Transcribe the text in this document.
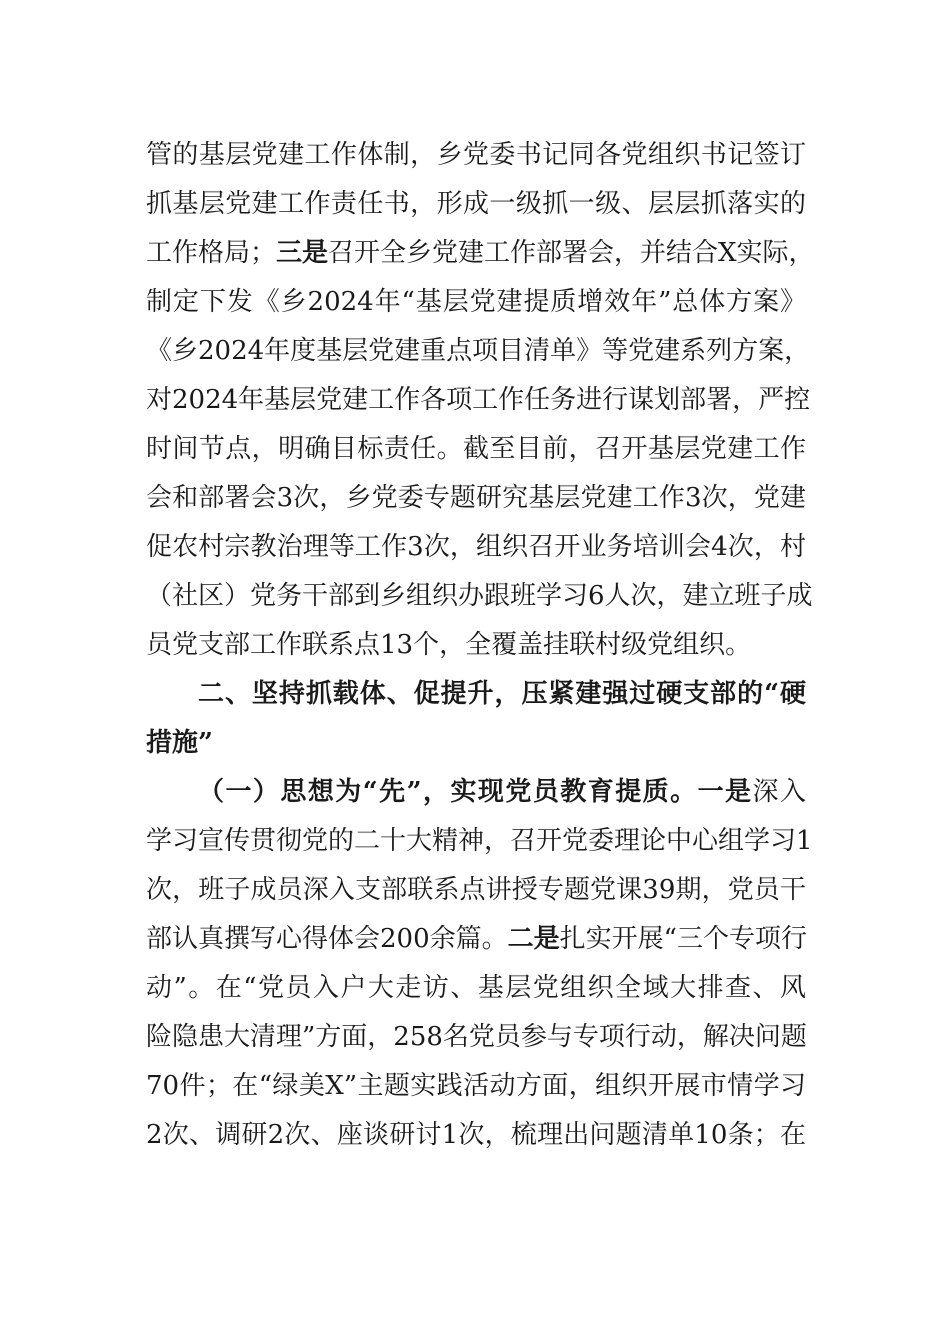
管的基层党建工作体制，乡党委书记同各党组织书记签订
抓基层党建工作责任书，形成一级抓一级、层层抓落实的
工作格局；三是召开全乡党建工作部署会，并结合X实际，
制定下发《乡2024年“基层党建提质增效年”总体方案》
《乡2024年度基层党建重点项目清单》等党建系列方案，
对2024年基层党建工作各项工作任务进行谋划部署，严控
时间节点，明确目标责任。截至目前，召开基层党建工作
会和部署会3次，乡党委专题研究基层党建工作3次，党建
促农村宗教治理等工作3次，组织召开业务培训会4次，村
（社区）党务干部到乡组织办跟班学习6人次，建立班子成
员党支部工作联系点13个，全覆盖挂联村级党组织。
二、坚持抓载体、促提升，压紧建强过硬支部的“硬
措施”
（一）思想为“先”，实现党员教育提质。一是深入
学习宣传贯彻党的二十大精神，召开党委理论中心组学习1
次，班子成员深入支部联系点讲授专题党课39期，党员干
部认真撰写心得体会200余篇。二是扎实开展“三个专项行
动”。在“党员入户大走访、基层党组织全域大排查、风
险隐患大清理”方面，258名党员参与专项行动，解决问题
70件；在“绿美X”主题实践活动方面，组织开展市情学习
2次、调研2次、座谈研讨1次，梳理出问题清单10条；在
